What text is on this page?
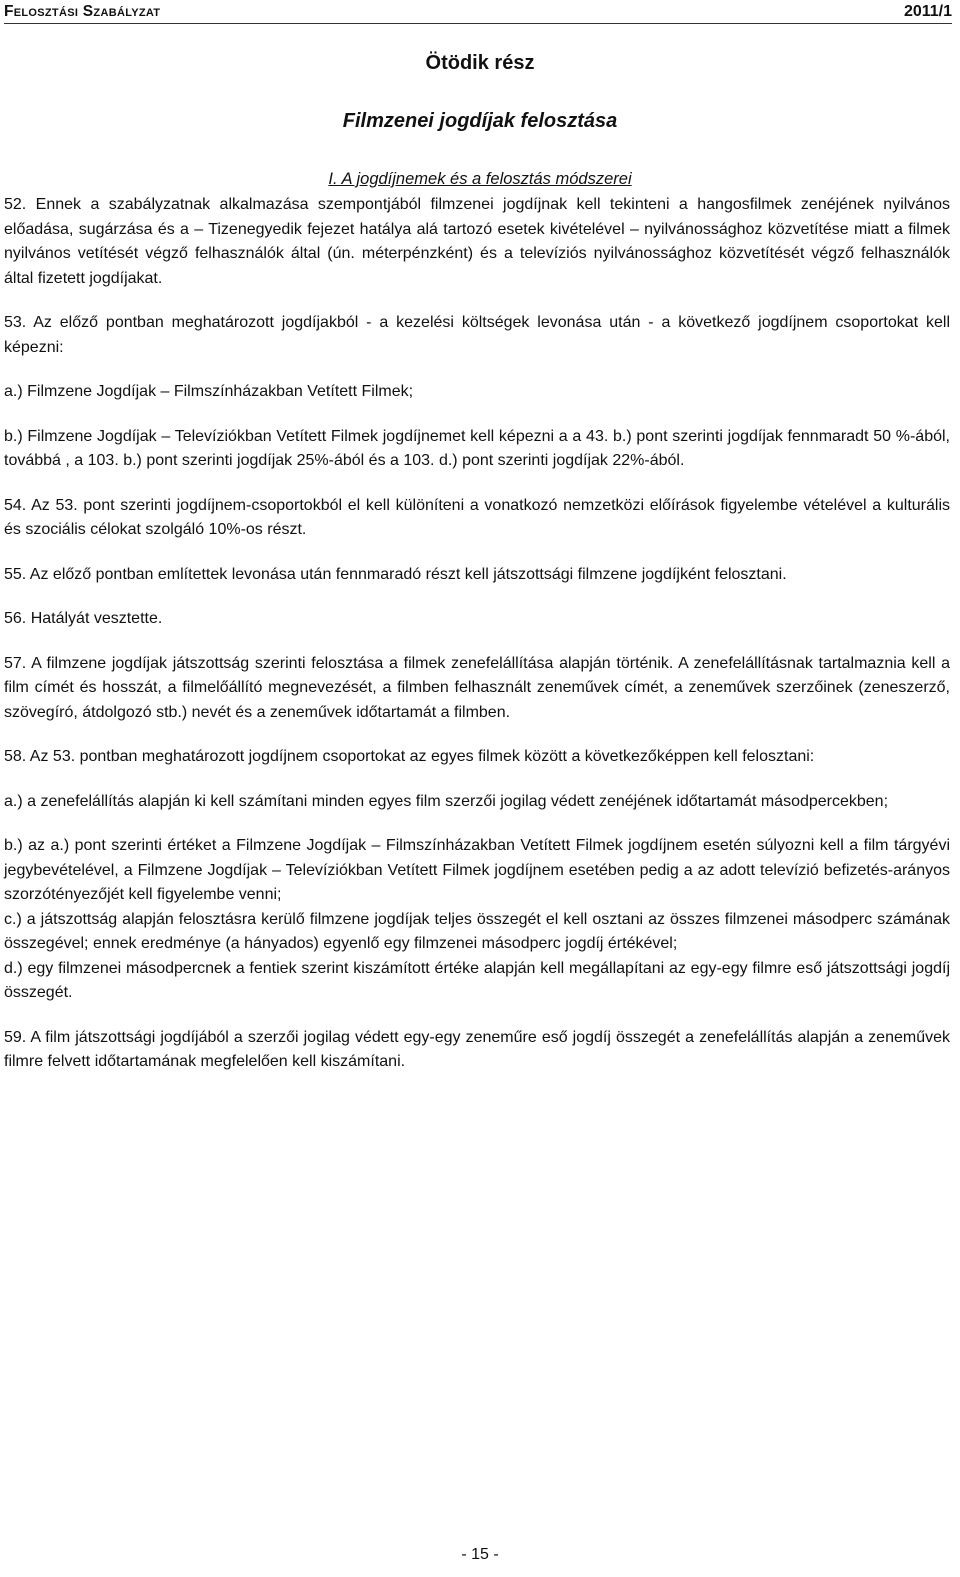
Felosztási Szabályzat	2011/1
Ötödik rész
Filmzenei jogdíjak felosztása
I. A jogdíjnemek és a felosztás módszerei

52. Ennek a szabályzatnak alkalmazása szempontjából filmzenei jogdíjnak kell tekinteni a hangosfilmek zenéjének nyilvános előadása, sugárzása és a – Tizenegyedik fejezet hatálya alá tartozó esetek kivételével – nyilvánossághoz közvetítése miatt a filmek nyilvános vetítését végző felhasználók által (ún. méterpénzként) és a televíziós nyilvánossághoz közvetítését végző felhasználók által fizetett jogdíjakat.

53. Az előző pontban meghatározott jogdíjakból - a kezelési költségek levonása után - a következő jogdíjnem csoportokat kell képezni:

a.) Filmzene Jogdíjak – Filmszínházakban Vetített Filmek;

b.) Filmzene Jogdíjak – Televíziókban Vetített Filmek jogdíjnemet kell képezni a a 43. b.) pont szerinti jogdíjak fennmaradt 50 %-ából, továbbá , a 103. b.) pont szerinti jogdíjak 25%-ából és a 103. d.) pont szerinti jogdíjak 22%-ából.

54. Az 53. pont szerinti jogdíjnem-csoportokból el kell különíteni a vonatkozó nemzetközi előírások figyelembe vételével a kulturális és szociális célokat szolgáló 10%-os részt.

55. Az előző pontban említettek levonása után fennmaradó részt kell játszottsági filmzene jogdíjként felosztani.

56. Hatályát vesztette.

57. A filmzene jogdíjak játszottság szerinti felosztása a filmek zenefelállítása alapján történik. A zenefelállításnak tartalmaznia kell a film címét és hosszát, a filmelőállító megnevezését, a filmben felhasznált zeneművek címét, a zeneművek szerzőinek (zeneszerző, szövegíró, átdolgozó stb.) nevét és a zeneművek időtartamát a filmben.

58. Az 53. pontban meghatározott jogdíjnem csoportokat az egyes filmek között a következőképpen kell felosztani:

a.) a zenefelállítás alapján ki kell számítani minden egyes film szerzői jogilag védett zenéjének időtartamát másodpercekben;

b.) az a.) pont szerinti értéket a Filmzene Jogdíjak – Filmszínházakban Vetített Filmek jogdíjnem esetén súlyozni kell a film tárgyévi jegybevételével, a Filmzene Jogdíjak – Televíziókban Vetített Filmek jogdíjnem esetében pedig a az adott televízió befizetés-arányos szorzótényezőjét kell figyelembe venni;

c.) a játszottság alapján felosztásra kerülő filmzene jogdíjak teljes összegét el kell osztani az összes filmzenei másodperc számának összegével; ennek eredménye (a hányados) egyenlő egy filmzenei másodperc jogdíj értékével;

d.) egy filmzenei másodpercnek a fentiek szerint kiszámított értéke alapján kell megállapítani az egy-egy filmre eső játszottsági jogdíj összegét.

59. A film játszottsági jogdíjából a szerzői jogilag védett egy-egy zeneműre eső jogdíj összegét a zenefelállítás alapján a zeneművek filmre felvett időtartamának megfelelően kell kiszámítani.

- 15 -
